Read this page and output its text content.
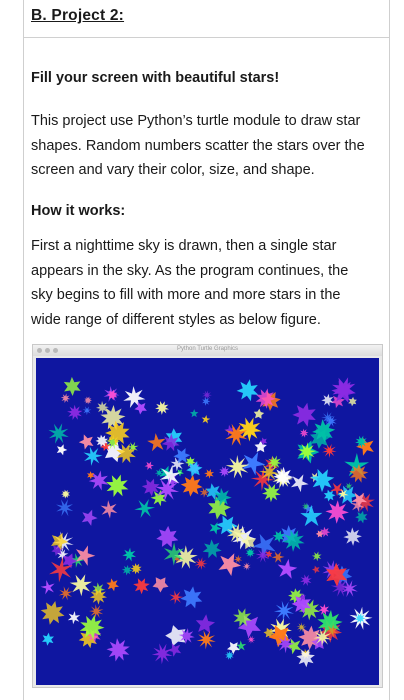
B. Project 2:
Fill your screen with beautiful stars!
This project use Python’s turtle module to draw star
shapes. Random numbers scatter the stars over the
screen and vary their color, size, and shape.
How it works:
First a nighttime sky is drawn, then a single star
appears in the sky. As the program continues, the
sky begins to fill with more and more stars in the
wide range of different styles as below figure.
Python Turtle Graphics
